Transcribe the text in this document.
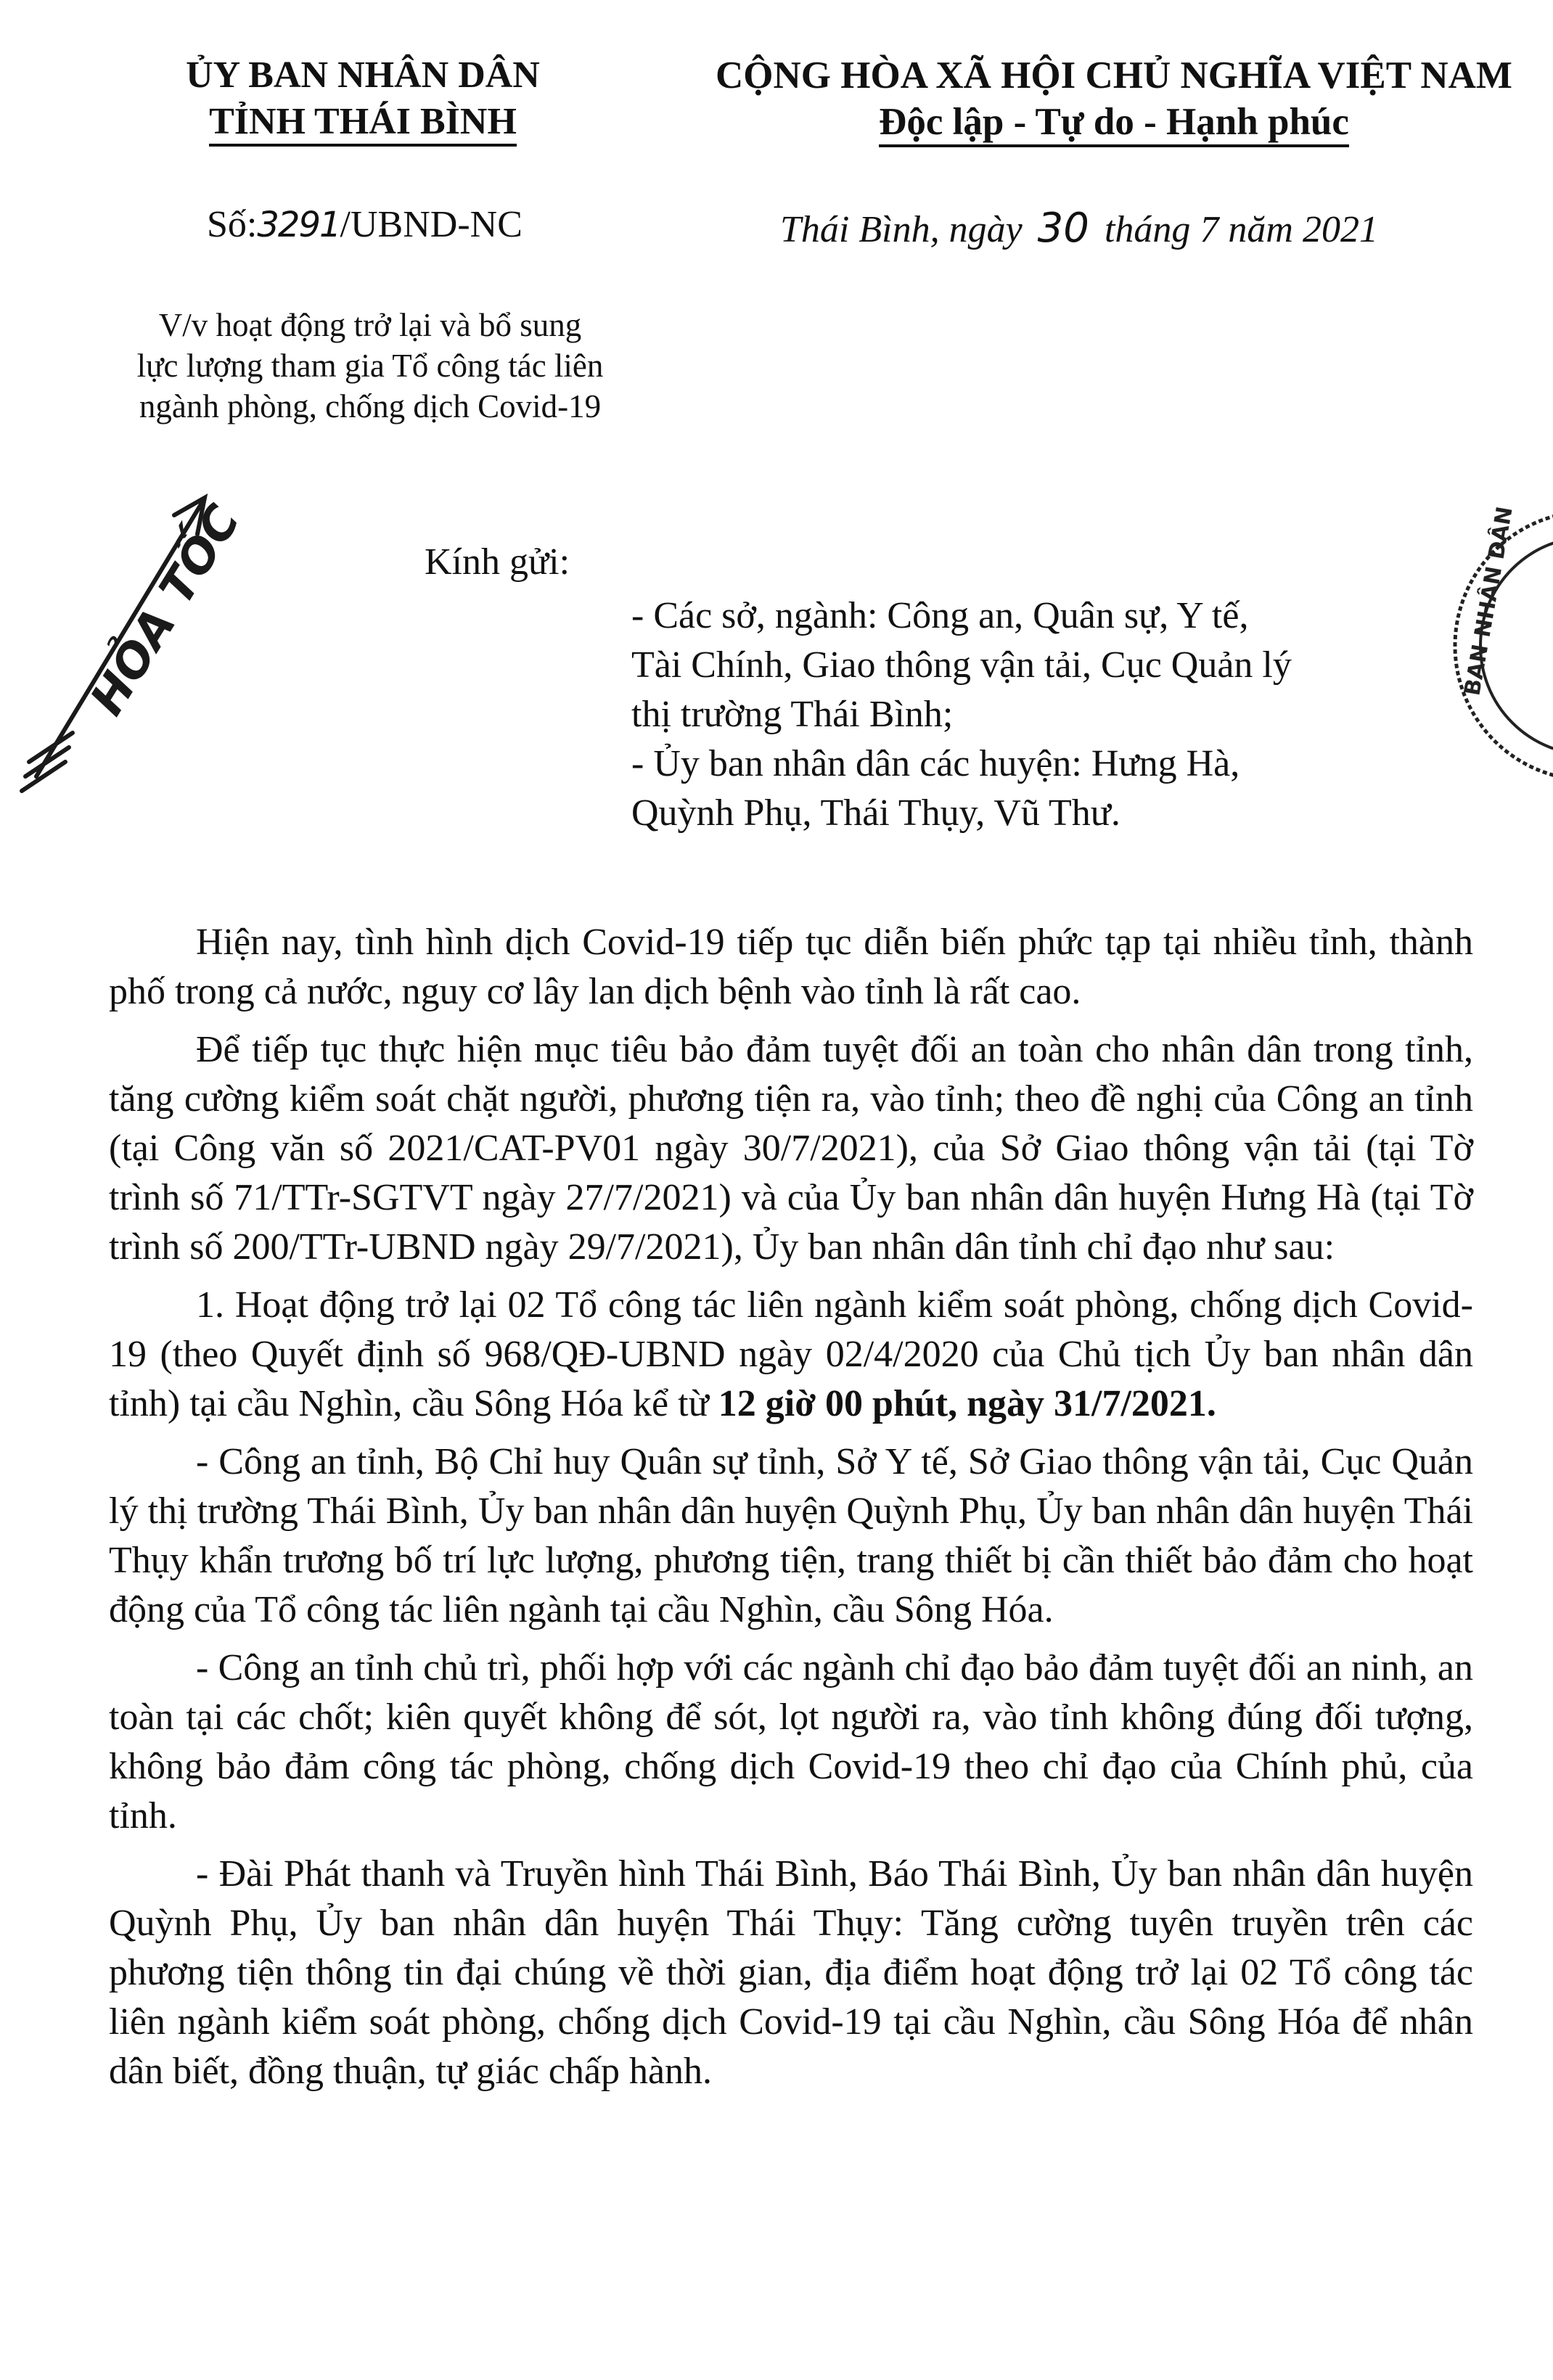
ỦY BAN NHÂN DÂN
TỈNH THÁI BÌNH
CỘNG HÒA XÃ HỘI CHỦ NGHĨA VIỆT NAM
Độc lập - Tự do - Hạnh phúc
Số:3291/UBND-NC	Thái Bình, ngày 30 tháng 7 năm 2021
V/v hoạt động trở lại và bổ sung
lực lượng tham gia Tổ công tác liên
ngành phòng, chống dịch Covid-19
HỎA TỐC	Kính gửi:
- Các sở, ngành: Công an, Quân sự, Y tế,
Tài Chính, Giao thông vận tải, Cục Quản lý
thị trường Thái Bình;
- Ủy ban nhân dân các huyện: Hưng Hà,
Quỳnh Phụ, Thái Thụy, Vũ Thư.
BAN NHÂN DÂN

Hiện nay, tình hình dịch Covid-19 tiếp tục diễn biến phức tạp tại nhiều tỉnh, thành phố trong cả nước, nguy cơ lây lan dịch bệnh vào tỉnh là rất cao.

Để tiếp tục thực hiện mục tiêu bảo đảm tuyệt đối an toàn cho nhân dân trong tỉnh, tăng cường kiểm soát chặt người, phương tiện ra, vào tỉnh; theo đề nghị của Công an tỉnh (tại Công văn số 2021/CAT-PV01 ngày 30/7/2021), của Sở Giao thông vận tải (tại Tờ trình số 71/TTr-SGTVT ngày 27/7/2021) và của Ủy ban nhân dân huyện Hưng Hà (tại Tờ trình số 200/TTr-UBND ngày 29/7/2021), Ủy ban nhân dân tỉnh chỉ đạo như sau:

1. Hoạt động trở lại 02 Tổ công tác liên ngành kiểm soát phòng, chống dịch Covid-19 (theo Quyết định số 968/QĐ-UBND ngày 02/4/2020 của Chủ tịch Ủy ban nhân dân tỉnh) tại cầu Nghìn, cầu Sông Hóa kể từ 12 giờ 00 phút, ngày 31/7/2021.

- Công an tỉnh, Bộ Chỉ huy Quân sự tỉnh, Sở Y tế, Sở Giao thông vận tải, Cục Quản lý thị trường Thái Bình, Ủy ban nhân dân huyện Quỳnh Phụ, Ủy ban nhân dân huyện Thái Thụy khẩn trương bố trí lực lượng, phương tiện, trang thiết bị cần thiết bảo đảm cho hoạt động của Tổ công tác liên ngành tại cầu Nghìn, cầu Sông Hóa.

- Công an tỉnh chủ trì, phối hợp với các ngành chỉ đạo bảo đảm tuyệt đối an ninh, an toàn tại các chốt; kiên quyết không để sót, lọt người ra, vào tỉnh không đúng đối tượng, không bảo đảm công tác phòng, chống dịch Covid-19 theo chỉ đạo của Chính phủ, của tỉnh.

- Đài Phát thanh và Truyền hình Thái Bình, Báo Thái Bình, Ủy ban nhân dân huyện Quỳnh Phụ, Ủy ban nhân dân huyện Thái Thụy: Tăng cường tuyên truyền trên các phương tiện thông tin đại chúng về thời gian, địa điểm hoạt động trở lại 02 Tổ công tác liên ngành kiểm soát phòng, chống dịch Covid-19 tại cầu Nghìn, cầu Sông Hóa để nhân dân biết, đồng thuận, tự giác chấp hành.
